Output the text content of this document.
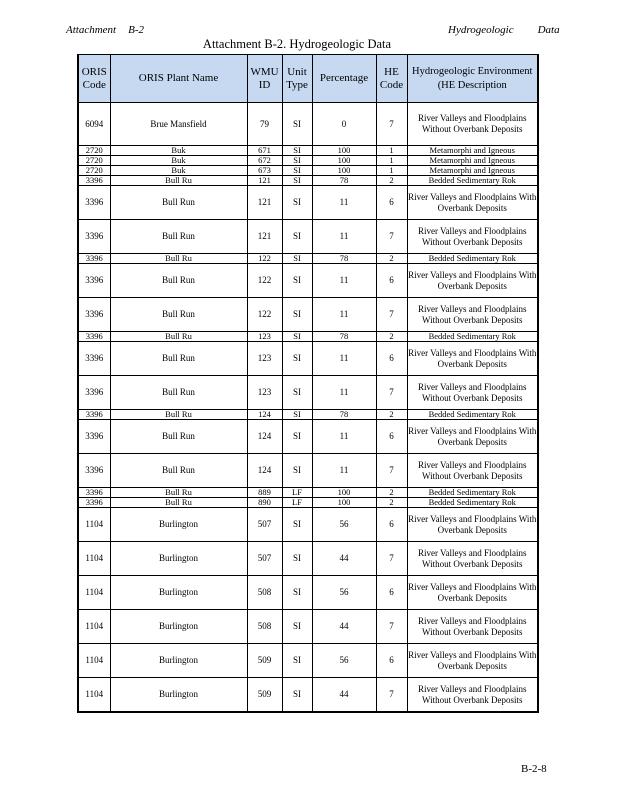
Attachment B-2	Hydrogeologic Data
Attachment B-2. Hydrogeologic Data
ORIS Code	ORIS Plant Name	WMU ID	Unit Type	Percentage	HE Code	Hydrogeologic Environment (HE Description
6094	Brue Mansfield	79	SI	0	7	River Valleys and Floodplains Without Overbank Deposits
2720	Buk	671	SI	100	1	Metamorphi and Igneous
2720	Buk	672	SI	100	1	Metamorphi and Igneous
2720	Buk	673	SI	100	1	Metamorphi and Igneous
3396	Bull Ru	121	SI	78	2	Bedded Sedimentary Rok
3396	Bull Run	121	SI	11	6	River Valleys and Floodplains With Overbank Deposits
3396	Bull Run	121	SI	11	7	River Valleys and Floodplains Without Overbank Deposits
3396	Bull Ru	122	SI	78	2	Bedded Sedimentary Rok
3396	Bull Run	122	SI	11	6	River Valleys and Floodplains With Overbank Deposits
3396	Bull Run	122	SI	11	7	River Valleys and Floodplains Without Overbank Deposits
3396	Bull Ru	123	SI	78	2	Bedded Sedimentary Rok
3396	Bull Run	123	SI	11	6	River Valleys and Floodplains With Overbank Deposits
3396	Bull Run	123	SI	11	7	River Valleys and Floodplains Without Overbank Deposits
3396	Bull Ru	124	SI	78	2	Bedded Sedimentary Rok
3396	Bull Run	124	SI	11	6	River Valleys and Floodplains With Overbank Deposits
3396	Bull Run	124	SI	11	7	River Valleys and Floodplains Without Overbank Deposits
3396	Bull Ru	889	LF	100	2	Bedded Sedimentary Rok
3396	Bull Ru	890	LF	100	2	Bedded Sedimentary Rok
1104	Burlington	507	SI	56	6	River Valleys and Floodplains With Overbank Deposits
1104	Burlington	507	SI	44	7	River Valleys and Floodplains Without Overbank Deposits
1104	Burlington	508	SI	56	6	River Valleys and Floodplains With Overbank Deposits
1104	Burlington	508	SI	44	7	River Valleys and Floodplains Without Overbank Deposits
1104	Burlington	509	SI	56	6	River Valleys and Floodplains With Overbank Deposits
1104	Burlington	509	SI	44	7	River Valleys and Floodplains Without Overbank Deposits
B-2-8
